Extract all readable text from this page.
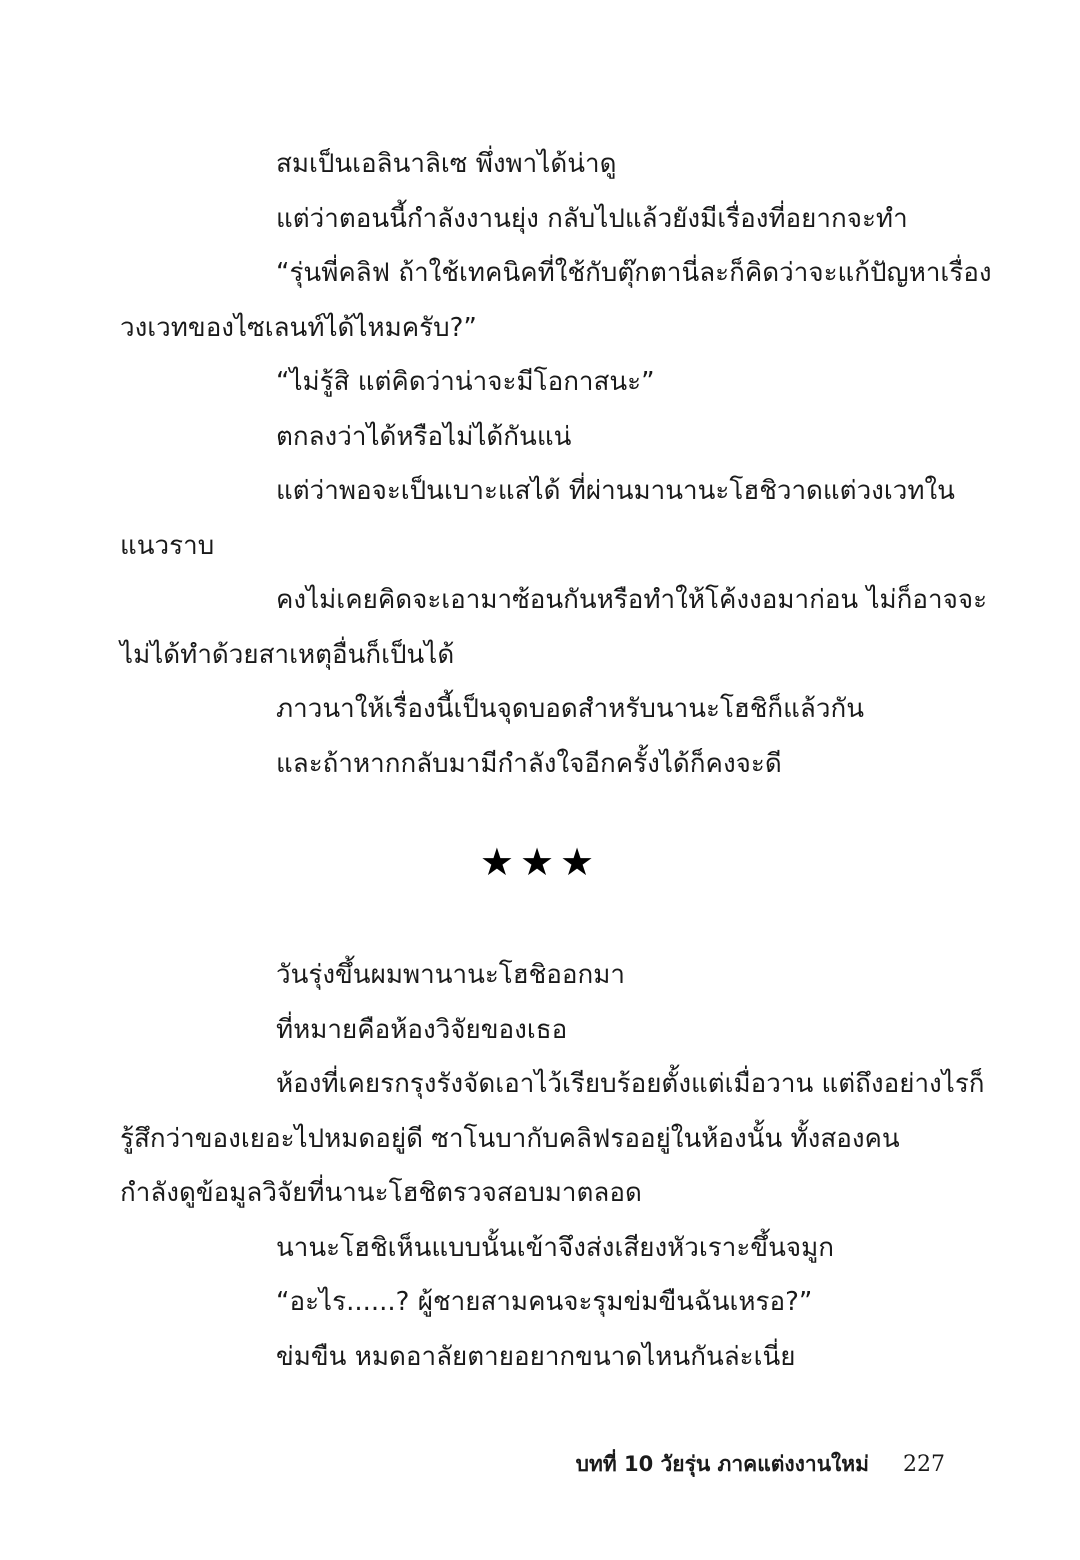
สมเป็นเอลินาลิเซ พึ่งพาได้น่าดู

แต่ว่าตอนนี้กำลังงานยุ่ง กลับไปแล้วยังมีเรื่องที่อยากจะทำ

“รุ่นพี่คลิฟ ถ้าใช้เทคนิคที่ใช้กับตุ๊กตานี่ละก็คิดว่าจะแก้ปัญหาเรื่อง
วงเวทของไซเลนท์ได้ไหมครับ?”

“ไม่รู้สิ แต่คิดว่าน่าจะมีโอกาสนะ”

ตกลงว่าได้หรือไม่ได้กันแน่

แต่ว่าพอจะเป็นเบาะแสได้ ที่ผ่านมานานะโฮชิวาดแต่วงเวทใน
แนวราบ

คงไม่เคยคิดจะเอามาซ้อนกันหรือทำให้โค้งงอมาก่อน ไม่ก็อาจจะ
ไม่ได้ทำด้วยสาเหตุอื่นก็เป็นได้

ภาวนาให้เรื่องนี้เป็นจุดบอดสำหรับนานะโฮชิก็แล้วกัน

และถ้าหากกลับมามีกำลังใจอีกครั้งได้ก็คงจะดี

★★★

วันรุ่งขึ้นผมพานานะโฮชิออกมา

ที่หมายคือห้องวิจัยของเธอ

ห้องที่เคยรกรุงรังจัดเอาไว้เรียบร้อยตั้งแต่เมื่อวาน แต่ถึงอย่างไรก็
รู้สึกว่าของเยอะไปหมดอยู่ดี ซาโนบากับคลิฟรออยู่ในห้องนั้น ทั้งสองคน
กำลังดูข้อมูลวิจัยที่นานะโฮชิตรวจสอบมาตลอด

นานะโฮชิเห็นแบบนั้นเข้าจึงส่งเสียงหัวเราะขึ้นจมูก

“อะไร......? ผู้ชายสามคนจะรุมข่มขืนฉันเหรอ?”

ข่มขืน หมดอาลัยตายอยากขนาดไหนกันล่ะเนี่ย

บทที่ 10 วัยรุ่น ภาคแต่งงานใหม่ 227
